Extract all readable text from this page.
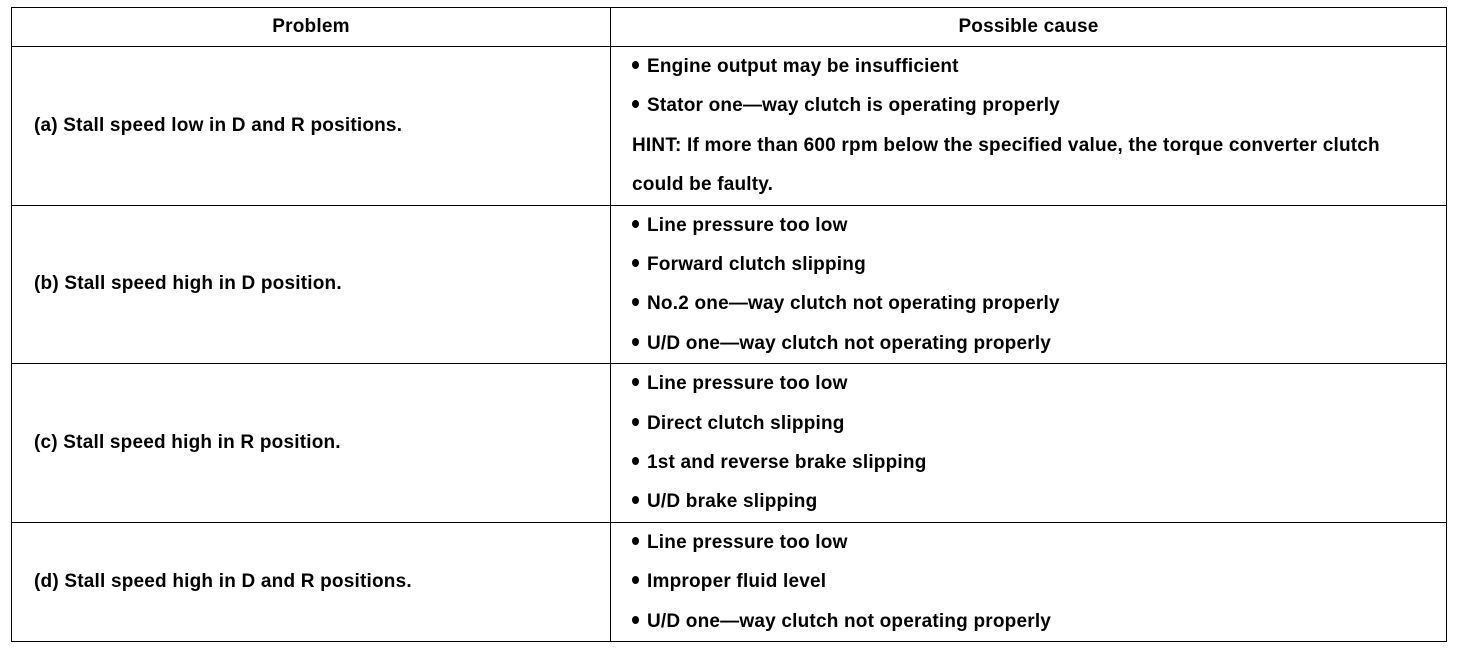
Problem	Possible cause
(a) Stall speed low in D and R positions.	Engine output may be insufficient
Stator one—way clutch is operating properly
HINT: If more than 600 rpm below the specified value, the torque converter clutch could be faulty.

(b) Stall speed high in D position.	Line pressure too low
Forward clutch slipping
No.2 one—way clutch not operating properly
U/D one—way clutch not operating properly

(c) Stall speed high in R position.	Line pressure too low
Direct clutch slipping
1st and reverse brake slipping
U/D brake slipping

(d) Stall speed high in D and R positions.	Line pressure too low
Improper fluid level
U/D one—way clutch not operating properly
